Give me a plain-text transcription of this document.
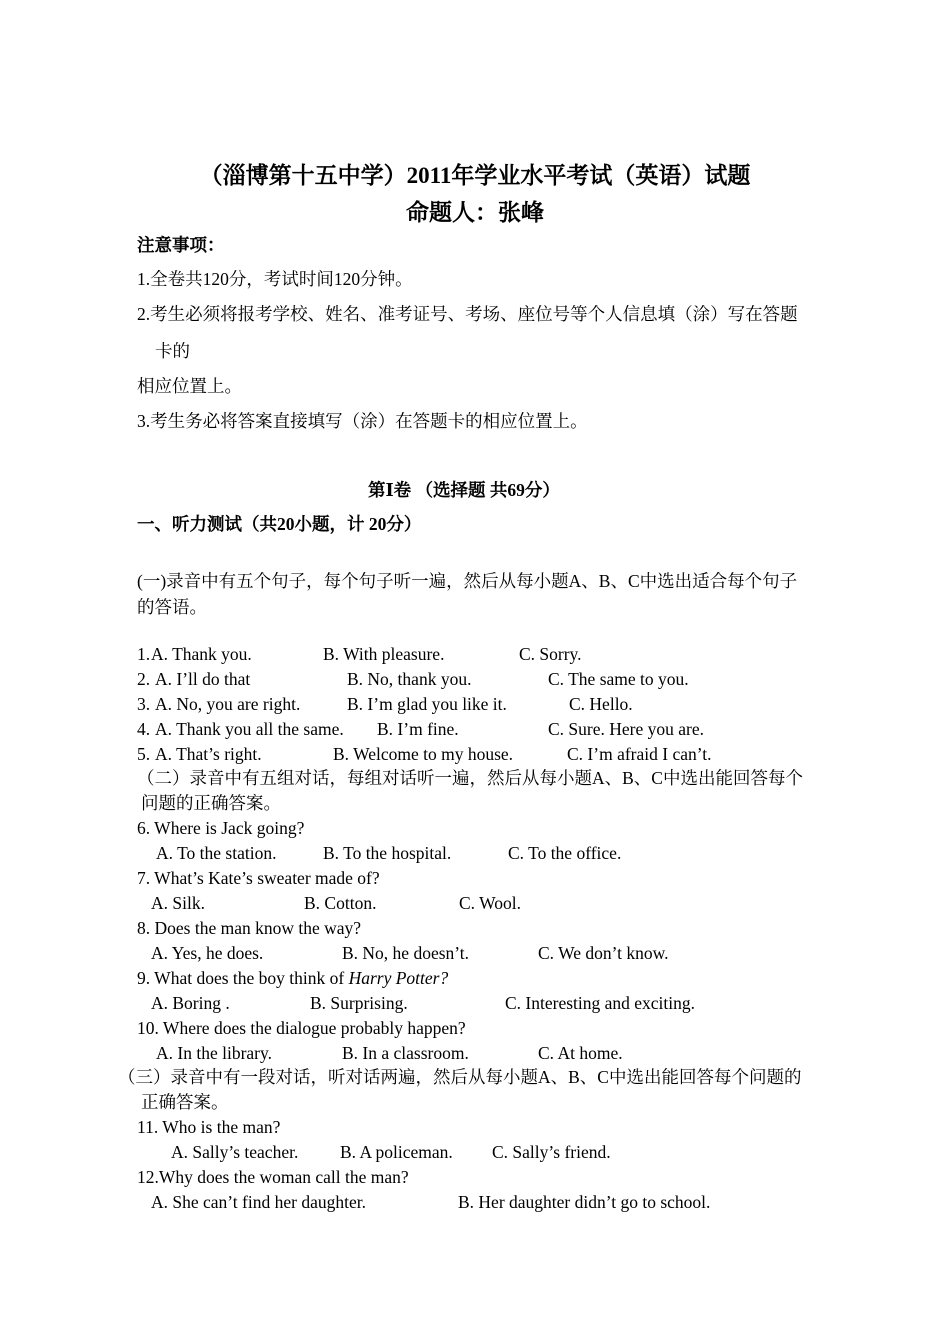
（淄博第十五中学）2011年学业水平考试（英语）试题
命题人：张峰
注意事项：
1.全卷共120分，考试时间120分钟。
2.考生必须将报考学校、姓名、准考证号、考场、座位号等个人信息填（涂）写在答题
卡的
相应位置上。
3.考生务必将答案直接填写（涂）在答题卡的相应位置上。
第Ⅰ卷 （选择题 共69分）
一、听力测试（共20小题，计 20分）
(一)录音中有五个句子，每个句子听一遍，然后从每小题A、B、C中选出适合每个句子
的答语。
1. A. Thank you.	B. With pleasure.	C. Sorry.
2. A. I’ll do that	B. No, thank you.	C. The same to you.
3. A. No, you are right.	B. I’m glad you like it.	C. Hello.
4. A. Thank you all the same. B. I’m fine.	C. Sure. Here you are.
5. A. That’s right.	B. Welcome to my house.	C. I’m afraid I can’t.
（二）录音中有五组对话，每组对话听一遍，然后从每小题A、B、C中选出能回答每个
问题的正确答案。
6. Where is Jack going?
A. To the station.	B. To the hospital.	C. To the office.
7. What’s Kate’s sweater made of?
A. Silk.	B. Cotton.	C. Wool.
8. Does the man know the way?
A. Yes, he does.	B. No, he doesn’t.	C. We don’t know.
9. What does the boy think of Harry Potter?
A. Boring .	B. Surprising.	C. Interesting and exciting.
10. Where does the dialogue probably happen?
A. In the library.	B. In a classroom.	C. At home.
（三）录音中有一段对话，听对话两遍，然后从每小题A、B、C中选出能回答每个问题的
正确答案。
11. Who is the man?
A. Sally’s teacher. B. A policeman. C. Sally’s friend.
12.Why does the woman call the man?
A. She can’t find her daughter.	B. Her daughter didn’t go to school.
